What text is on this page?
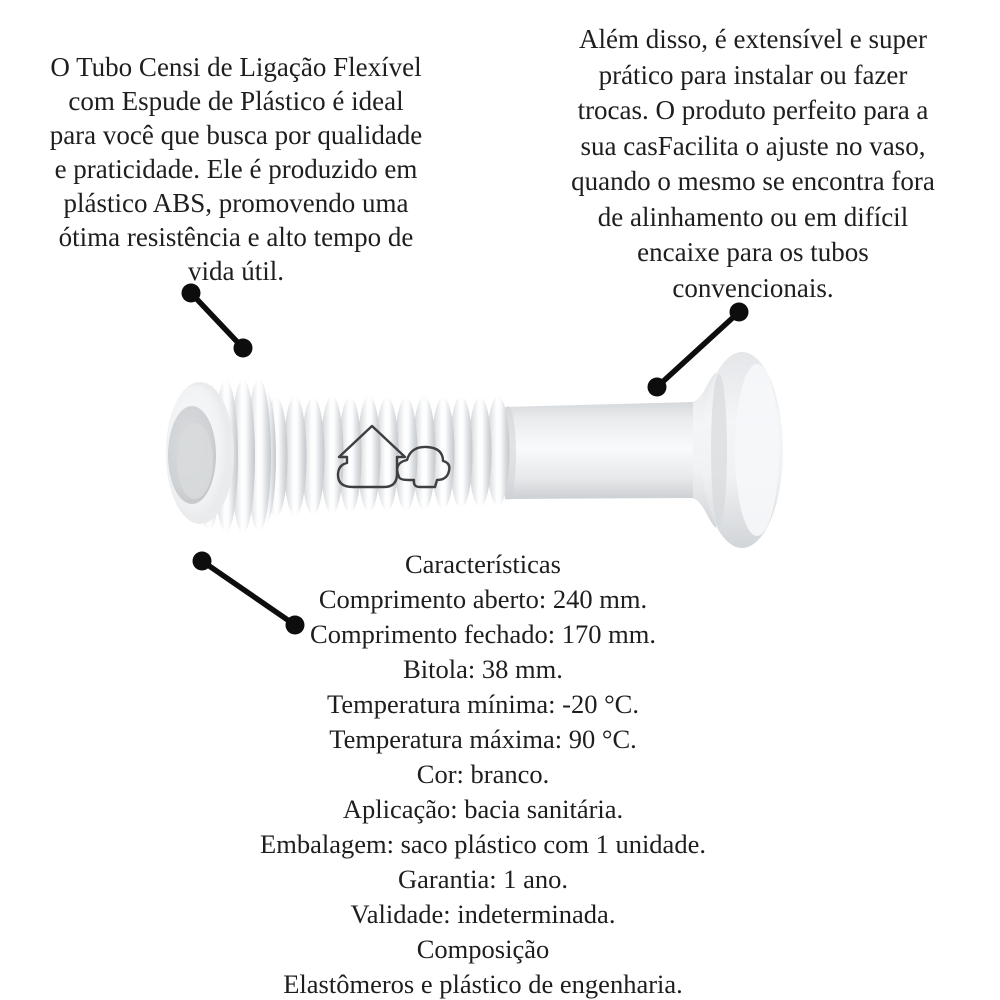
O Tubo Censi de Ligação Flexível
com Espude de Plástico é ideal
para você que busca por qualidade
e praticidade. Ele é produzido em
plástico ABS, promovendo uma
ótima resistência e alto tempo de
vida útil.
Além disso, é extensível e super
prático para instalar ou fazer
trocas. O produto perfeito para a
sua casFacilita o ajuste no vaso,
quando o mesmo se encontra fora
de alinhamento ou em difícil
encaixe para os tubos
convencionais.
Características
Comprimento aberto: 240 mm.
Comprimento fechado: 170 mm.
Bitola: 38 mm.
Temperatura mínima: -20 °C.
Temperatura máxima: 90 °C.
Cor: branco.
Aplicação: bacia sanitária.
Embalagem: saco plástico com 1 unidade.
Garantia: 1 ano.
Validade: indeterminada.
Composição
Elastômeros e plástico de engenharia.
